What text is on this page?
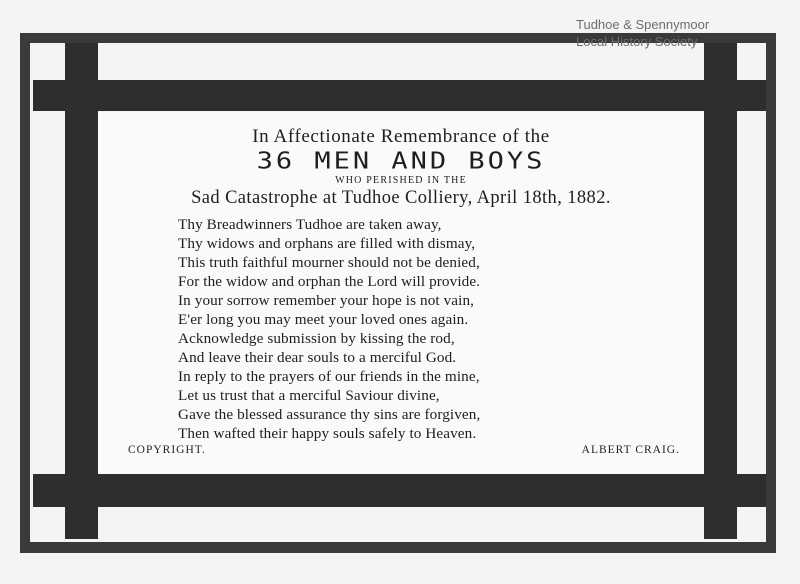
Tudhoe & Spennymoor
Local History Society
In Affectionate Remembrance of the
36 MEN AND BOYS
WHO PERISHED IN THE
Sad Catastrophe at Tudhoe Colliery, April 18th, 1882.
Thy Breadwinners Tudhoe are taken away,
Thy widows and orphans are filled with dismay,
This truth faithful mourner should not be denied,
For the widow and orphan the Lord will provide.
In your sorrow remember your hope is not vain,
E'er long you may meet your loved ones again.
Acknowledge submission by kissing the rod,
And leave their dear souls to a merciful God.
In reply to the prayers of our friends in the mine,
Let us trust that a merciful Saviour divine,
Gave the blessed assurance thy sins are forgiven,
Then wafted their happy souls safely to Heaven.
COPYRIGHT.	ALBERT CRAIG.
